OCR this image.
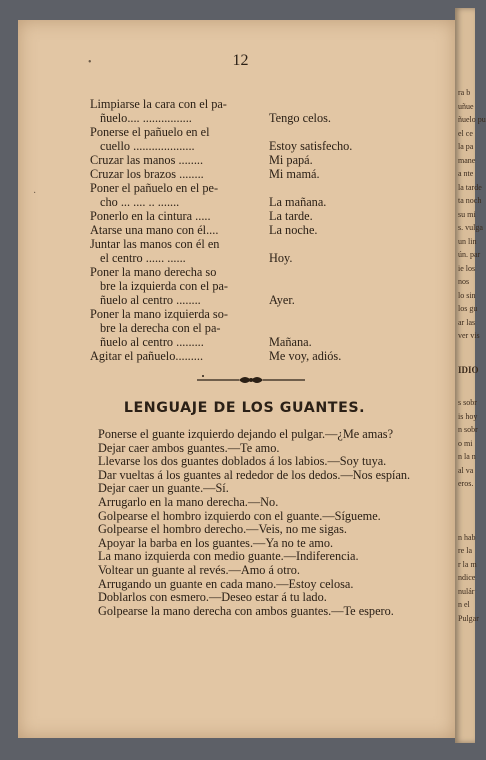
ra b
uñue
ñuelo pu
el ce
la pa
mane
a nte
la tarde
ta noch
su mi
s. vulga
un lin
ún. par
ie los
nos
lo sin
los gu
ar las
ver vis
IDIO
s sobr
is hoy
n sobr
o mi
n la n
al va
eros.
n hab
re la
r la m
ndice
nulár
n el
Pulgar
12
Limpiarse la cara con el pa-
ñuelo.... ................	Tengo celos.
Ponerse el pañuelo en el
cuello ....................	Estoy satisfecho.
Cruzar las manos ........	Mi papá.
Cruzar los brazos ........	Mi mamá.
Poner el pañuelo en el pe-
cho ... .... .. .......	La mañana.
Ponerlo en la cintura .....	La tarde.
Atarse una mano con él....	La noche.
Juntar las manos con él en
el centro ...... ......	Hoy.
Poner la mano derecha so
bre la izquierda con el pa-
ñuelo al centro ........	Ayer.
Poner la mano izquierda so-
bre la derecha con el pa-
ñuelo al centro .........	Mañana.
Agitar el pañuelo.........	Me voy, adiós.
LENGUAJE DE LOS GUANTES.
Ponerse el guante izquierdo dejando el pulgar.—¿Me amas?
Dejar caer ambos guantes.—Te amo.
Llevarse los dos guantes doblados á los labios.—Soy tuya.
Dar vueltas á los guantes al rededor de los dedos.—Nos espían.
Dejar caer un guante.—Sí.
Arrugarlo en la mano derecha.—No.
Golpearse el hombro izquierdo con el guante.—Sígueme.
Golpearse el hombro derecho.—Veis, no me sigas.
Apoyar la barba en los guantes.—Ya no te amo.
La mano izquierda con medio guante.—Indiferencia.
Voltear un guante al revés.—Amo á otro.
Arrugando un guante en cada mano.—Estoy celosa.
Doblarlos con esmero.—Deseo estar á tu lado.
Golpearse la mano derecha con ambos guantes.—Te espero.
•
·
